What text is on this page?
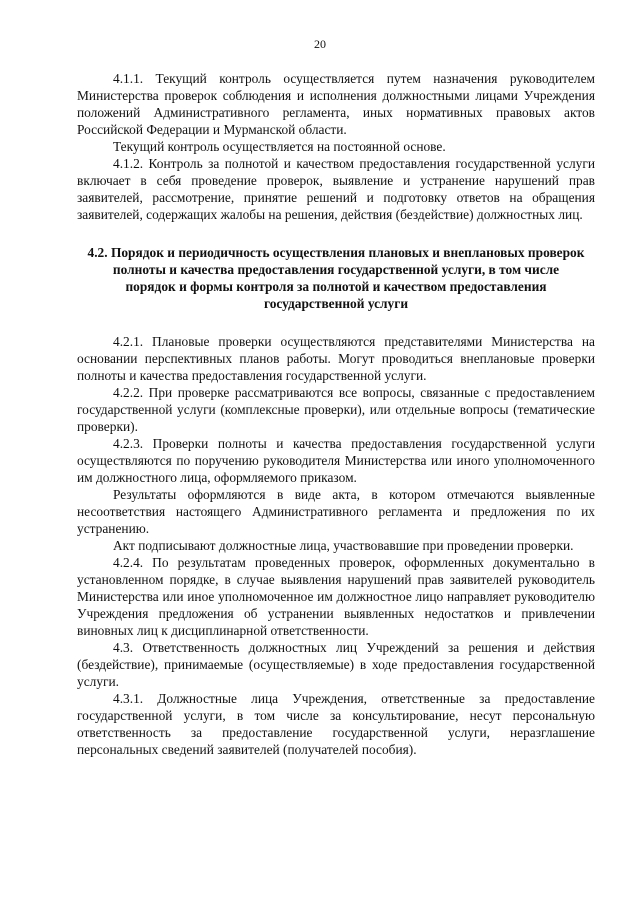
20

4.1.1. Текущий контроль осуществляется путем назначения руководителем Министерства проверок соблюдения и исполнения должностными лицами Учреждения положений Административного регламента, иных нормативных правовых актов Российской Федерации и Мурманской области.

Текущий контроль осуществляется на постоянной основе.

4.1.2. Контроль за полнотой и качеством предоставления государственной услуги включает в себя проведение проверок, выявление и устранение нарушений прав заявителей, рассмотрение, принятие решений и подготовку ответов на обращения заявителей, содержащих жалобы на решения, действия (бездействие) должностных лиц.

4.2. Порядок и периодичность осуществления плановых и внеплановых проверок полноты и качества предоставления государственной услуги, в том числе порядок и формы контроля за полнотой и качеством предоставления государственной услуги

4.2.1. Плановые проверки осуществляются представителями Министерства на основании перспективных планов работы. Могут проводиться внеплановые проверки полноты и качества предоставления государственной услуги.

4.2.2. При проверке рассматриваются все вопросы, связанные с предоставлением государственной услуги (комплексные проверки), или отдельные вопросы (тематические проверки).

4.2.3. Проверки полноты и качества предоставления государственной услуги осуществляются по поручению руководителя Министерства или иного уполномоченного им должностного лица, оформляемого приказом.

Результаты оформляются в виде акта, в котором отмечаются выявленные несоответствия настоящего Административного регламента и предложения по их устранению.

Акт подписывают должностные лица, участвовавшие при проведении проверки.

4.2.4. По результатам проведенных проверок, оформленных документально в установленном порядке, в случае выявления нарушений прав заявителей руководитель Министерства или иное уполномоченное им должностное лицо направляет руководителю Учреждения предложения об устранении выявленных недостатков и привлечении виновных лиц к дисциплинарной ответственности.

4.3. Ответственность должностных лиц Учреждений за решения и действия (бездействие), принимаемые (осуществляемые) в ходе предоставления государственной услуги.

4.3.1. Должностные лица Учреждения, ответственные за предоставление государственной услуги, в том числе за консультирование, несут персональную ответственность за предоставление государственной услуги, неразглашение персональных сведений заявителей (получателей пособия).
